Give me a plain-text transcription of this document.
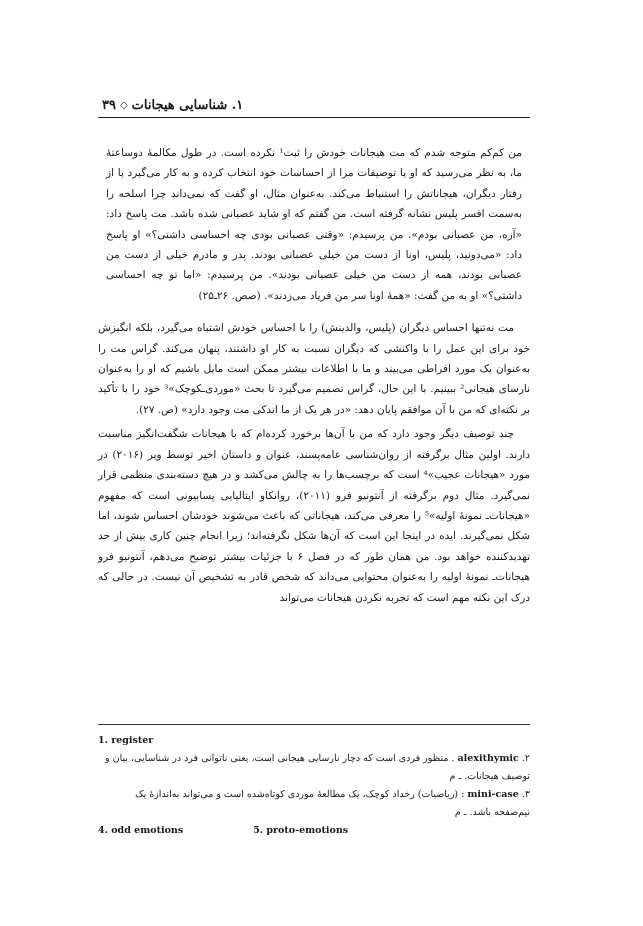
۱. شناسایی هیجانات
◇
۳۹

من کم‌کم متوجه شدم که مت هیجانات خودش را ثبت¹ نکرده است. در طول مکالمهٔ دوساعتهٔ ما، به نظر می‌رسید که او یا توصیفات مرا از احساسات خود انتخاب کرده و به کار می‌گیرد یا از رفتار دیگران، هیجاناتش را استنباط می‌کند. به‌عنوان مثال، او گفت که نمی‌داند چرا اسلحه را به‌سمت افسر پلیس نشانه گرفته است. من گفتم که او شاید عصبانی شده باشد. مت پاسخ داد: «آره، من عصبانی بودم». من پرسیدم: «وقتی عصبانی بودی چه احساسی داشتی؟» او پاسخ داد: «می‌دونید، پلیس، اونا از دست من خیلی عصبانی بودند. پدر و مادرم خیلی از دست من عصبانی بودند، همه از دست من خیلی عصبانی بودند». من پرسیدم: «اما تو چه احساسی داشتی؟» او به من گفت: «همهٔ اونا سر من فریاد می‌زدند». (صص. ۲۶ـ۲۵)

مت نه‌تنها احساس دیگران (پلیس، والدینش) را با احساس خودش اشتباه می‌گیرد، بلکه انگیزش خود برای این عمل را با واکنشی که دیگران نسبت به کار او داشتند، پنهان می‌کند. گراس مت را به‌عنوان یک مورد افراطی می‌بیند و ما با اطلاعات بیشتر ممکن است مایل باشیم که او را به‌عنوان نارسای هیجانی² ببینیم. با این حال، گراس تصمیم می‌گیرد تا بحث «موردی‌ـکوچک»³ خود را با تأکید بر نکته‌ای که من با آن موافقم پایان دهد: «در هر یک از ما اندکی مت وجود دارد» (ص. ۲۷).

چند توصیف دیگر وجود دارد که من با آن‌ها برخورد کرده‌ام که با هیجانات شگفت‌انگیز مناسبت دارند. اولین مثال برگرفته از روان‌شناسی عامه‌پسند، عنوان و داستان اخیر توسط وبر (۲۰۱۶) در مورد «هیجانات عجیب»⁴ است که برچسب‌ها را به چالش می‌کشد و در هیچ دسته‌بندی منظمی قرار نمی‌گیرد. مثال دوم برگرفته از آنتونیو فرو (۲۰۱۱)، روانکاو ایتالیایی پسابیونی است که مفهوم «هیجانات‌ـ نمونهٔ اولیه»⁵ را معرفی می‌کند، هیجاناتی که باعث می‌شوند خودشان احساس شوند، اما شکل نمی‌گیرند. ایده در اینجا این است که آن‌ها شکل نگرفته‌اند؛ زیرا انجام چنین کاری بیش از حد تهدیدکننده خواهد بود. من همان طور که در فصل ۶ با جزئیات بیشتر توضیح می‌دهم، آنتونیو فرو هیجانات‌ـ نمونهٔ اولیه را به‌عنوان محتوایی می‌داند که شخص قادر به تشخیص آن نیست. در حالی که درک این نکته مهم است که تجربه نکردن هیجانات می‌تواند

1. register
۲. alexithymic . منظور فردی است که دچار نارسایی هیجانی است، یعنی ناتوانی فرد در شناسایی، بیان و توصیف هیجانات. ـ م
۳. mini-case : (ریاضیات) رخداد کوچک، یک مطالعهٔ موردی کوتاه‌شده است و می‌تواند به‌اندازهٔ یک نیم‌صفحه باشد. ـ م
4. odd emotions	5. proto-emotions
